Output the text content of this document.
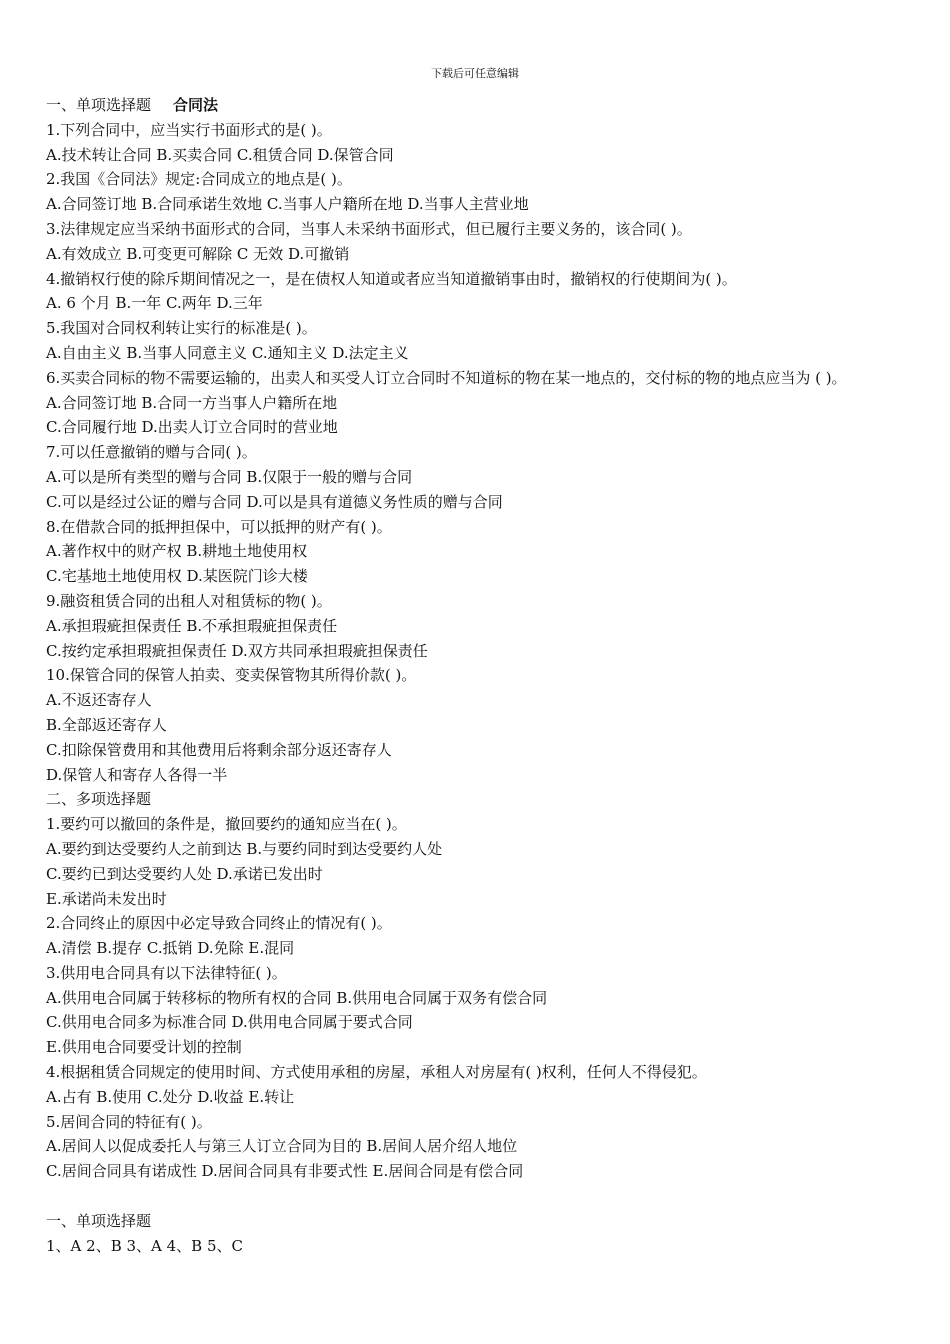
下载后可任意编辑
一、单项选择题 合同法
1.下列合同中，应当实行书面形式的是( )。
A.技术转让合同 B.买卖合同 C.租赁合同 D.保管合同
2.我国《合同法》规定:合同成立的地点是( )。
A.合同签订地 B.合同承诺生效地 C.当事人户籍所在地 D.当事人主营业地
3.法律规定应当采纳书面形式的合同，当事人未采纳书面形式，但已履行主要义务的，该合同( )。
A.有效成立 B.可变更可解除 C 无效 D.可撤销
4.撤销权行使的除斥期间情况之一，是在债权人知道或者应当知道撤销事由时，撤销权的行使期间为( )。
A. 6 个月 B.一年 C.两年 D.三年
5.我国对合同权利转让实行的标准是( )。
A.自由主义 B.当事人同意主义 C.通知主义 D.法定主义
6.买卖合同标的物不需要运输的，出卖人和买受人订立合同时不知道标的物在某一地点的，交付标的物的地点应当为 ( )。
A.合同签订地 B.合同一方当事人户籍所在地
C.合同履行地 D.出卖人订立合同时的营业地
7.可以任意撤销的赠与合同( )。
A.可以是所有类型的赠与合同 B.仅限于一般的赠与合同
C.可以是经过公证的赠与合同 D.可以是具有道德义务性质的赠与合同
8.在借款合同的抵押担保中，可以抵押的财产有( )。
A.著作权中的财产权 B.耕地土地使用权
C.宅基地土地使用权 D.某医院门诊大楼
9.融资租赁合同的出租人对租赁标的物( )。
A.承担瑕疵担保责任 B.不承担瑕疵担保责任
C.按约定承担瑕疵担保责任 D.双方共同承担瑕疵担保责任
10.保管合同的保管人拍卖、变卖保管物其所得价款( )。
A.不返还寄存人
B.全部返还寄存人
C.扣除保管费用和其他费用后将剩余部分返还寄存人
D.保管人和寄存人各得一半
二、多项选择题
1.要约可以撤回的条件是，撤回要约的通知应当在( )。
A.要约到达受要约人之前到达 B.与要约同时到达受要约人处
C.要约已到达受要约人处 D.承诺已发出时
E.承诺尚未发出时
2.合同终止的原因中必定导致合同终止的情况有( )。
A.清偿 B.提存 C.抵销 D.免除 E.混同
3.供用电合同具有以下法律特征( )。
A.供用电合同属于转移标的物所有权的合同 B.供用电合同属于双务有偿合同
C.供用电合同多为标准合同 D.供用电合同属于要式合同
E.供用电合同要受计划的控制
4.根据租赁合同规定的使用时间、方式使用承租的房屋，承租人对房屋有( )权利，任何人不得侵犯。
A.占有 B.使用 C.处分 D.收益 E.转让
5.居间合同的特征有( )。
A.居间人以促成委托人与第三人订立合同为目的 B.居间人居介绍人地位
C.居间合同具有诺成性 D.居间合同具有非要式性 E.居间合同是有偿合同
一、单项选择题
1、A 2、B 3、A 4、B 5、C
